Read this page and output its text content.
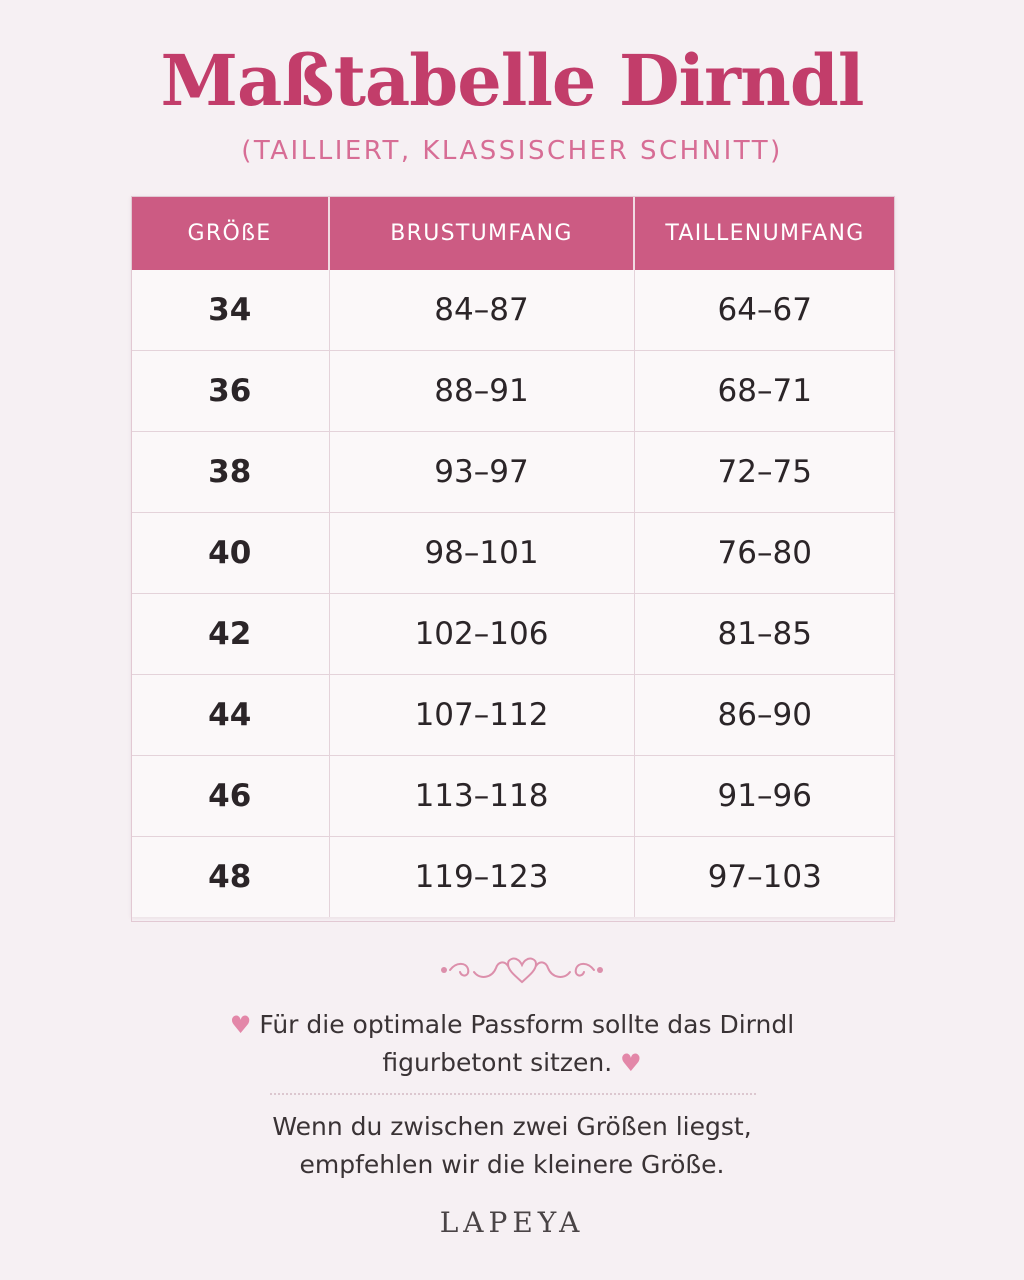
Maßtabelle Dirndl

(TAILLIERT, KLASSISCHER SCHNITT)

GRÖßE	BRUSTUMFANG	TAILLENUMFANG
34	84–87	64–67
36	88–91	68–71
38	93–97	72–75
40	98–101	76–80
42	102–106	81–85
44	107–112	86–90
46	113–118	91–96
48	119–123	97–103
♥ Für die optimale Passform sollte das Dirndl
figurbetont sitzen. ♥
Wenn du zwischen zwei Größen liegst,
empfehlen wir die kleinere Größe.
LAPEYA
